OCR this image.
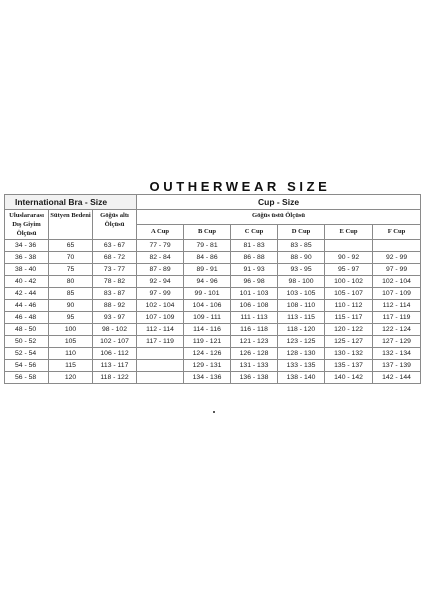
OUTHERWEAR SIZE
International Bra - Size			Cup - Size					
Uluslararası Dış Giyim Ölçüsü	Sütyen Bedeni	Göğüs altı Ölçüsü	Göğüs üstü Ölçüsü					
			A Cup	B Cup	C Cup	D Cup	E Cup	F Cup
34 - 36	65	63 - 67	77 - 79	79 - 81	81 - 83	83 - 85		
36 - 38	70	68 - 72	82 - 84	84 - 86	86 - 88	88 - 90	90 - 92	92 - 99
38 - 40	75	73 - 77	87 - 89	89 - 91	91 - 93	93 - 95	95 - 97	97 - 99
40 - 42	80	78 - 82	92 - 94	94 - 96	96 - 98	98 - 100	100 - 102	102 - 104
42 - 44	85	83 - 87	97 - 99	99 - 101	101 - 103	103 - 105	105 - 107	107 - 109
44 - 46	90	88 - 92	102 - 104	104 - 106	106 - 108	108 - 110	110 - 112	112 - 114
46 - 48	95	93 - 97	107 - 109	109 - 111	111 - 113	113 - 115	115 - 117	117 - 119
48 - 50	100	98 - 102	112 - 114	114 - 116	116 - 118	118 - 120	120 - 122	122 - 124
50 - 52	105	102 - 107	117 - 119	119 - 121	121 - 123	123 - 125	125 - 127	127 - 129
52 - 54	110	106 - 112		124 - 126	126 - 128	128 - 130	130 - 132	132 - 134
54 - 56	115	113 - 117		129 - 131	131 - 133	133 - 135	135 - 137	137 - 139
56 - 58	120	118 - 122		134 - 136	136 - 138	138 - 140	140 - 142	142 - 144
